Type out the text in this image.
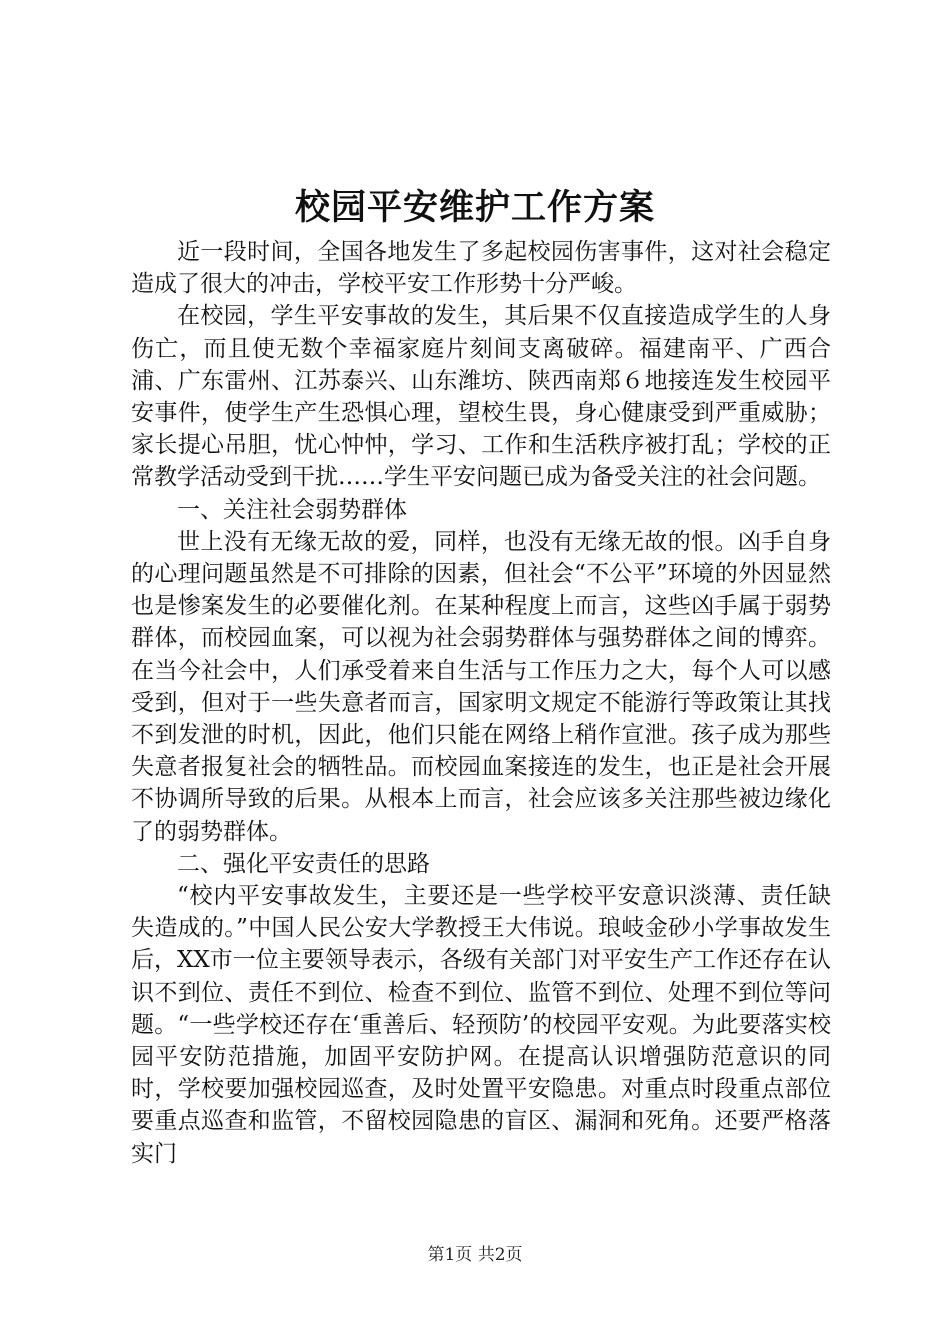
校园平安维护工作方案

近一段时间，全国各地发生了多起校园伤害事件，这对社会稳定造成了很大的冲击，学校平安工作形势十分严峻。

在校园，学生平安事故的发生，其后果不仅直接造成学生的人身伤亡，而且使无数个幸福家庭片刻间支离破碎。福建南平、广西合浦、广东雷州、江苏泰兴、山东潍坊、陕西南郑６地接连发生校园平安事件，使学生产生恐惧心理，望校生畏，身心健康受到严重威胁；家长提心吊胆，忧心忡忡，学习、工作和生活秩序被打乱；学校的正常教学活动受到干扰……学生平安问题已成为备受关注的社会问题。

一、关注社会弱势群体

世上没有无缘无故的爱，同样，也没有无缘无故的恨。凶手自身的心理问题虽然是不可排除的因素，但社会“不公平”环境的外因显然也是惨案发生的必要催化剂。在某种程度上而言，这些凶手属于弱势群体，而校园血案，可以视为社会弱势群体与强势群体之间的博弈。在当今社会中，人们承受着来自生活与工作压力之大，每个人可以感受到，但对于一些失意者而言，国家明文规定不能游行等政策让其找不到发泄的时机，因此，他们只能在网络上稍作宣泄。孩子成为那些失意者报复社会的牺牲品。而校园血案接连的发生，也正是社会开展不协调所导致的后果。从根本上而言，社会应该多关注那些被边缘化了的弱势群体。

二、强化平安责任的思路

“校内平安事故发生，主要还是一些学校平安意识淡薄、责任缺失造成的。”中国人民公安大学教授王大伟说。琅岐金砂小学事故发生后，XX市一位主要领导表示，各级有关部门对平安生产工作还存在认识不到位、责任不到位、检查不到位、监管不到位、处理不到位等问题。“一些学校还存在‘重善后、轻预防’的校园平安观。为此要落实校园平安防范措施，加固平安防护网。在提高认识增强防范意识的同时，学校要加强校园巡查，及时处置平安隐患。对重点时段重点部位要重点巡查和监管，不留校园隐患的盲区、漏洞和死角。还要严格落实门

第1页 共2页
